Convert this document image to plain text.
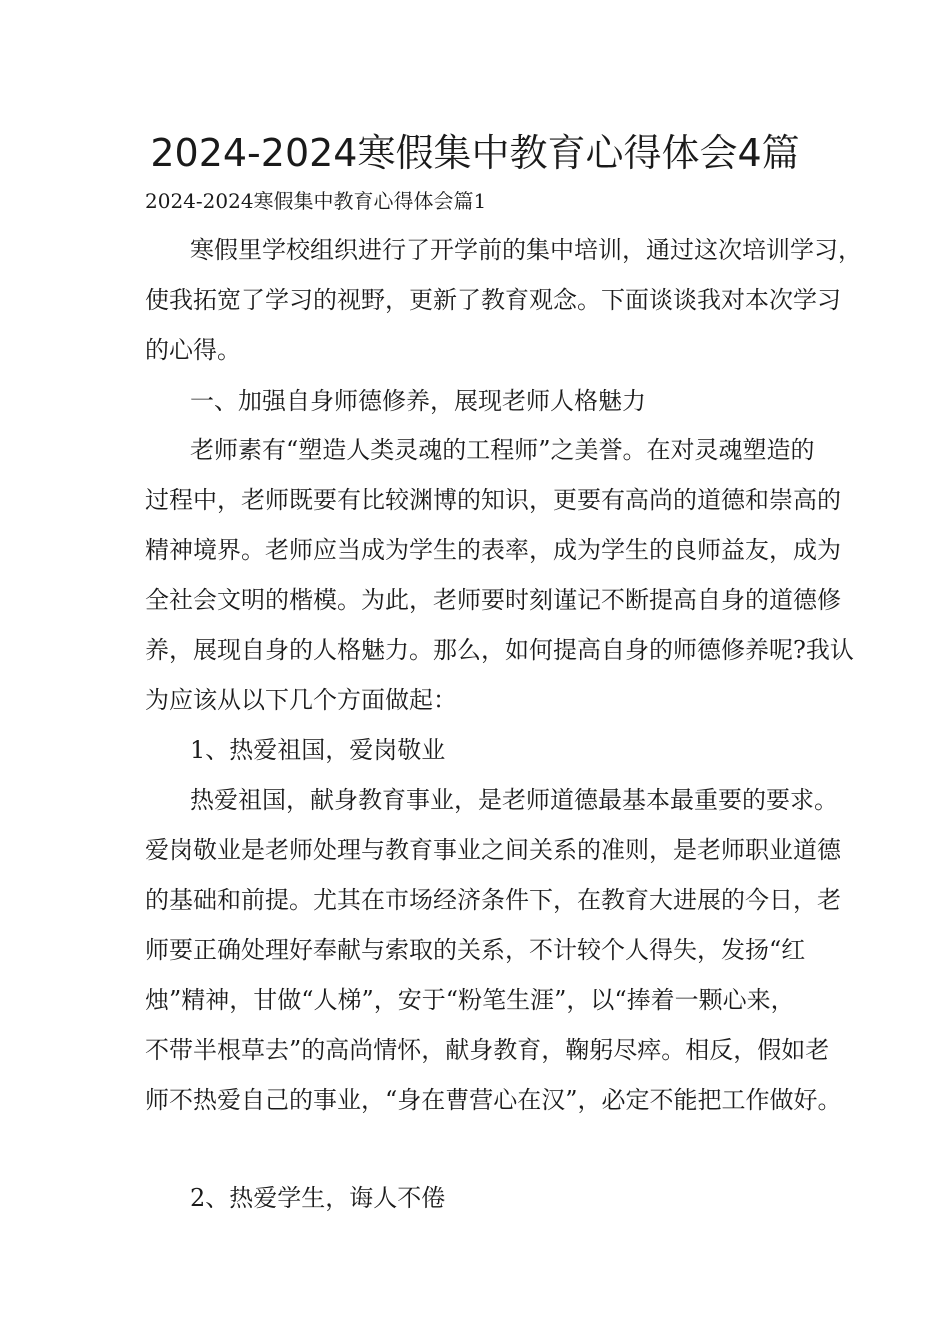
2024-2024寒假集中教育心得体会4篇

2024-2024寒假集中教育心得体会篇1

寒假里学校组织进行了开学前的集中培训，通过这次培训学习，

使我拓宽了学习的视野，更新了教育观念。下面谈谈我对本次学习

的心得。

一、加强自身师德修养，展现老师人格魅力

老师素有“塑造人类灵魂的工程师”之美誉。在对灵魂塑造的

过程中，老师既要有比较渊博的知识，更要有高尚的道德和崇高的

精神境界。老师应当成为学生的表率，成为学生的良师益友，成为

全社会文明的楷模。为此，老师要时刻谨记不断提高自身的道德修

养，展现自身的人格魅力。那么，如何提高自身的师德修养呢?我认

为应该从以下几个方面做起：

1、热爱祖国，爱岗敬业

热爱祖国，献身教育事业，是老师道德最基本最重要的要求。

爱岗敬业是老师处理与教育事业之间关系的准则，是老师职业道德

的基础和前提。尤其在市场经济条件下，在教育大进展的今日，老

师要正确处理好奉献与索取的关系，不计较个人得失，发扬“红

烛”精神，甘做“人梯”，安于“粉笔生涯”，以“捧着一颗心来，

不带半根草去”的高尚情怀，献身教育，鞠躬尽瘁。相反，假如老

师不热爱自己的事业，“身在曹营心在汉”，必定不能把工作做好。

2、热爱学生，诲人不倦
